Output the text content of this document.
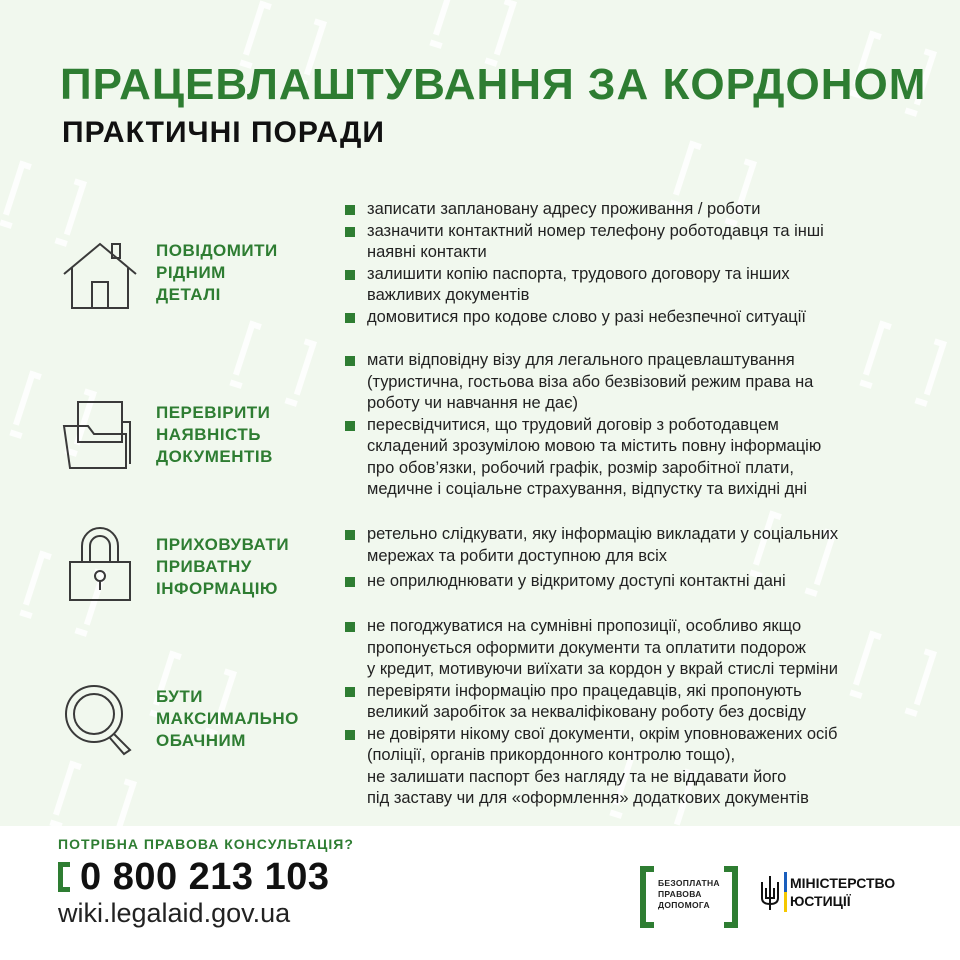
ПРАЦЕВЛАШТУВАННЯ ЗА КОРДОНОМ
ПРАКТИЧНІ ПОРАДИ
ПОВІДОМИТИ
РІДНИМ
ДЕТАЛІ
записати заплановану адресу проживання / роботи
зазначити контактний номер телефону роботодавця та інші
наявні контакти
залишити копію паспорта, трудового договору та інших
важливих документів
домовитися про кодове слово у разі небезпечної ситуації
ПЕРЕВІРИТИ
НАЯВНІСТЬ
ДОКУМЕНТІВ
мати відповідну візу для легального працевлаштування
(туристична, гостьова віза або безвізовий режим права на
роботу чи навчання не дає)
пересвідчитися, що трудовий договір з роботодавцем
складений зрозумілою мовою та містить повну інформацію
про обов’язки, робочий графік, розмір заробітної плати,
медичне і соціальне страхування, відпустку та вихідні дні
ПРИХОВУВАТИ
ПРИВАТНУ
ІНФОРМАЦІЮ
ретельно слідкувати, яку інформацію викладати у соціальних
мережах та робити доступною для всіх
не оприлюднювати у відкритому доступі контактні дані
БУТИ
МАКСИМАЛЬНО
ОБАЧНИМ
не погоджуватися на сумнівні пропозиції, особливо якщо
пропонується оформити документи та оплатити подорож
у кредит, мотивуючи виїхати за кордон у вкрай стислі терміни
перевіряти інформацію про працедавців, які пропонують
великий заробіток за некваліфіковану роботу без досвіду
не довіряти нікому свої документи, окрім уповноважених осіб
(поліції, органів прикордонного контролю тощо),
не залишати паспорт без нагляду та не віддавати його
під заставу чи для «оформлення» додаткових документів
ПОТРІБНА ПРАВОВА КОНСУЛЬТАЦІЯ?
0 800 213 103
wiki.legalaid.gov.ua
БЕЗОПЛАТНА
ПРАВОВА
ДОПОМОГА
МІНІСТЕРСТВО
ЮСТИЦІЇ
